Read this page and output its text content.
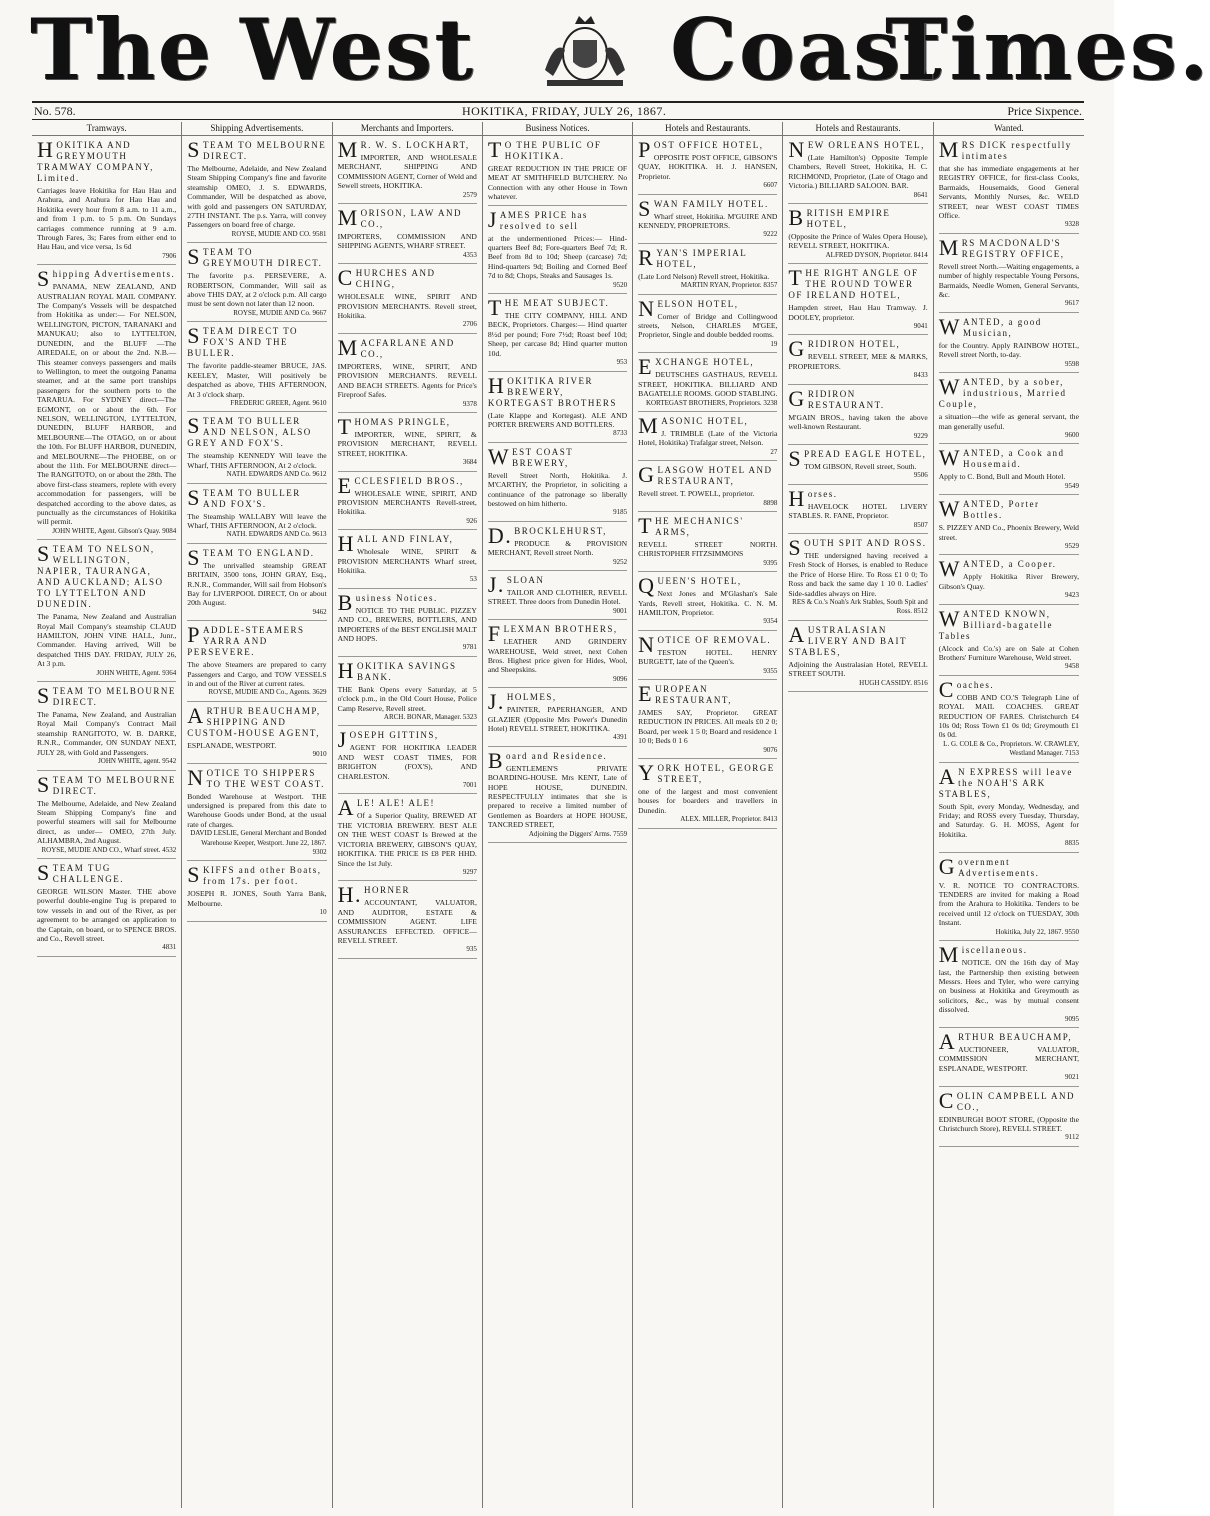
The West Coast
Times.
No. 578.	HOKITIKA, FRIDAY, JULY 26, 1867.	Price Sixpence.
Tramways.
HOKITIKA AND GREYMOUTH TRAMWAY COMPANY, Limited.
Carriages leave Hokitika for Hau Hau and Arahura, and Arahura for Hau Hau and Hokitika every hour from 8 a.m. to 11 a.m., and from 1 p.m. to 5 p.m. On Sundays carriages commence running at 9 a.m. Through Fares, 3s; Fares from either end to Hau Hau, and vice versa, 1s 6d
7906
Shipping Advertisements.
PANAMA, NEW ZEALAND, AND AUSTRALIAN ROYAL MAIL COMPANY. The Company's Vessels will be despatched from Hokitika as under:— For NELSON, WELLINGTON, PICTON, TARANAKI and MANUKAU; also to LYTTELTON, DUNEDIN, and the BLUFF —The AIREDALE, on or about the 2nd. N.B.—This steamer conveys passengers and mails to Wellington, to meet the outgoing Panama steamer, and at the same port tranships passengers for the southern ports to the TARARUA. For SYDNEY direct—The EGMONT, on or about the 6th. For NELSON, WELLINGTON, LYTTELTON, DUNEDIN, BLUFF HARBOR, and MELBOURNE—The OTAGO, on or about the 10th. For BLUFF HARBOR, DUNEDIN, and MELBOURNE—The PHOEBE, on or about the 11th. For MELBOURNE direct—The RANGITOTO, on or about the 28th. The above first-class steamers, replete with every accommodation for passengers, will be despatched according to the above dates, as punctually as the circumstances of Hokitika will permit.
JOHN WHITE, Agent. Gibson's Quay. 9084
STEAM TO NELSON, WELLINGTON, NAPIER, TAURANGA, AND AUCKLAND; ALSO TO LYTTELTON AND DUNEDIN.
The Panama, New Zealand and Australian Royal Mail Company's steamship CLAUD HAMILTON, JOHN VINE HALL, Junr., Commander. Having arrived, Will be despatched THIS DAY. FRIDAY, JULY 26, At 3 p.m.
JOHN WHITE, Agent. 9364
STEAM TO MELBOURNE DIRECT.
The Panama, New Zealand, and Australian Royal Mail Company's Contract Mail steamship RANGITOTO, W. B. DARKE, R.N.R., Commander, ON SUNDAY NEXT, JULY 28, with Gold and Passengers.
JOHN WHITE, agent. 9542
STEAM TO MELBOURNE DIRECT.
The Melbourne, Adelaide, and New Zealand Steam Shipping Company's fine and powerful steamers will sail for Melbourne direct, as under— OMEO, 27th July. ALHAMBRA, 2nd August.
ROYSE, MUDIE AND CO., Wharf street. 4532
STEAM TUG CHALLENGE.
GEORGE WILSON Master. THE above powerful double-engine Tug is prepared to tow vessels in and out of the River, as per agreement to be arranged on application to the Captain, on board, or to SPENCE BROS. and Co., Revell street.
4831
Shipping Advertisements.
STEAM TO MELBOURNE DIRECT.
The Melbourne, Adelaide, and New Zealand Steam Shipping Company's fine and favorite steamship OMEO, J. S. EDWARDS, Commander, Will be despatched as above, with gold and passengers ON SATURDAY, 27TH INSTANT. The p.s. Yarra, will convey Passengers on board free of charge.
ROYSE, MUDIE AND CO. 9581
STEAM TO GREYMOUTH DIRECT.
The favorite p.s. PERSEVERE, A. ROBERTSON, Commander, Will sail as above THIS DAY, at 2 o'clock p.m. All cargo must be sent down not later than 12 noon.
ROYSE, MUDIE AND Co. 9667
STEAM DIRECT TO FOX'S AND THE BULLER.
The favorite paddle-steamer BRUCE, JAS. KEELEY, Master, Will positively be despatched as above, THIS AFTERNOON, At 3 o'clock sharp.
FREDERIC GREER, Agent. 9610
STEAM TO BULLER AND NELSON, ALSO GREY AND FOX'S.
The steamship KENNEDY Will leave the Wharf, THIS AFTERNOON, At 2 o'clock.
NATH. EDWARDS AND Co. 9612
STEAM TO BULLER AND FOX'S.
The Steamship WALLABY Will leave the Wharf, THIS AFTERNOON, At 2 o'clock.
NATH. EDWARDS AND Co. 9613
STEAM TO ENGLAND.
The unrivalled steamship GREAT BRITAIN, 3500 tons, JOHN GRAY, Esq., R.N.R., Commander, Will sail from Hobson's Bay for LIVERPOOL DIRECT, On or about 20th August.
9462
PADDLE-STEAMERS YARRA AND PERSEVERE.
The above Steamers are prepared to carry Passengers and Cargo, and TOW VESSELS in and out of the River at current rates.
ROYSE, MUDIE AND Co., Agents. 3629
ARTHUR BEAUCHAMP, SHIPPING AND CUSTOM-HOUSE AGENT,
ESPLANADE, WESTPORT.
9010
NOTICE TO SHIPPERS TO THE WEST COAST.
Bonded Warehouse at Westport. THE undersigned is prepared from this date to Warehouse Goods under Bond, at the usual rate of charges.
DAVID LESLIE, General Merchant and Bonded Warehouse Keeper, Westport. June 22, 1867. 9302
SKIFFS and other Boats, from 17s. per foot.
JOSEPH R. JONES, South Yarra Bank, Melbourne.
10
Merchants and Importers.
MR. W. S. LOCKHART,
IMPORTER, AND WHOLESALE MERCHANT, SHIPPING AND COMMISSION AGENT, Corner of Weld and Sewell streets, HOKITIKA.
2579
MORISON, LAW AND CO.,
IMPORTERS, COMMISSION AND SHIPPING AGENTS, WHARF STREET.
4353
CHURCHES AND CHING,
WHOLESALE WINE, SPIRIT AND PROVISION MERCHANTS. Revell street, Hokitika.
2706
MACFARLANE AND CO.,
IMPORTERS, WINE, SPIRIT, AND PROVISION MERCHANTS. REVELL AND BEACH STREETS. Agents for Price's Fireproof Safes.
9378
THOMAS PRINGLE,
IMPORTER, WINE, SPIRIT, & PROVISION MERCHANT, REVELL STREET, HOKITIKA.
3684
ECCLESFIELD BROS.,
WHOLESALE WINE, SPIRIT, AND PROVISION MERCHANTS Revell-street, Hokitika.
926
HALL AND FINLAY,
Wholesale WINE, SPIRIT & PROVISION MERCHANTS Wharf street, Hokitika.
53
Business Notices.
NOTICE TO THE PUBLIC. PIZZEY AND CO., BREWERS, BOTTLERS, AND IMPORTERS of the BEST ENGLISH MALT AND HOPS.
9781
HOKITIKA SAVINGS BANK.
THE Bank Opens every Saturday, at 5 o'clock p.m., in the Old Court House, Police Camp Reserve, Revell street.
ARCH. BONAR, Manager. 5323
JOSEPH GITTINS,
AGENT FOR HOKITIKA LEADER AND WEST COAST TIMES, FOR BRIGHTON (FOX'S), AND CHARLESTON.
7001
ALE! ALE! ALE!
Of a Superior Quality, BREWED AT THE VICTORIA BREWERY. BEST ALE ON THE WEST COAST Is Brewed at the VICTORIA BREWERY, GIBSON'S QUAY, HOKITIKA. THE PRICE IS £8 PER HHD. Since the 1st July.
9297
H.HORNER
ACCOUNTANT, VALUATOR, AND AUDITOR, ESTATE & COMMISSION AGENT. LIFE ASSURANCES EFFECTED. OFFICE—REVELL STREET.
935
Business Notices.
TO THE PUBLIC OF HOKITIKA.
GREAT REDUCTION IN THE PRICE OF MEAT AT SMITHFIELD BUTCHERY. No Connection with any other House in Town whatever.
JAMES PRICE has resolved to sell
at the undermentioned Prices:— Hind-quarters Beef 8d; Fore-quarters Beef 7d; R. Beef from 8d to 10d; Sheep (carcase) 7d; Hind-quarters 9d; Boiling and Corned Beef 7d to 8d; Chops, Steaks and Sausages 1s.
9520
THE MEAT SUBJECT.
THE CITY COMPANY, HILL AND BECK, Proprietors. Charges:— Hind quarter 8½d per pound; Fore 7½d; Roast beef 10d; Sheep, per carcase 8d; Hind quarter mutton 10d.
953
HOKITIKA RIVER BREWERY, KORTEGAST BROTHERS
(Late Klappe and Kortegast). ALE AND PORTER BREWERS AND BOTTLERS.
8733
WEST COAST BREWERY,
Revell Street North, Hokitika. J. M'CARTHY, the Proprietor, in soliciting a continuance of the patronage so liberally bestowed on him hitherto.
9185
D.BROCKLEHURST,
PRODUCE & PROVISION MERCHANT, Revell street North.
9252
J.SLOAN
TAILOR AND CLOTHIER, REVELL STREET. Three doors from Dunedin Hotel.
9001
FLEXMAN BROTHERS,
LEATHER AND GRINDERY WAREHOUSE, Weld street, next Cohen Bros. Highest price given for Hides, Wool, and Sheepskins.
9096
J.HOLMES,
PAINTER, PAPERHANGER, AND GLAZIER (Opposite Mrs Power's Dunedin Hotel) REVELL STREET, HOKITIKA.
4391
Board and Residence.
GENTLEMEN'S PRIVATE BOARDING-HOUSE. Mrs KENT, Late of HOPE HOUSE, DUNEDIN. RESPECTFULLY intimates that she is prepared to receive a limited number of Gentlemen as Boarders at HOPE HOUSE, TANCRED STREET,
Adjoining the Diggers' Arms. 7559
Hotels and Restaurants.
POST OFFICE HOTEL,
OPPOSITE POST OFFICE, GIBSON'S QUAY, HOKITIKA. H. J. HANSEN, Proprietor.
6607
SWAN FAMILY HOTEL.
Wharf street, Hokitika. M'GUIRE AND KENNEDY, PROPRIETORS.
9222
RYAN'S IMPERIAL HOTEL,
(Late Lord Nelson) Revell street, Hokitika.
MARTIN RYAN, Proprietor. 8357
NELSON HOTEL,
Corner of Bridge and Collingwood streets, Nelson, CHARLES M'GEE, Proprietor, Single and double bedded rooms.
19
EXCHANGE HOTEL,
DEUTSCHES GASTHAUS, REVELL STREET, HOKITIKA. BILLIARD AND BAGATELLE ROOMS. GOOD STABLING.
KORTEGAST BROTHERS, Proprietors. 3238
MASONIC HOTEL,
J. TRIMBLE (Late of the Victoria Hotel, Hokitika) Trafalgar street, Nelson.
27
GLASGOW HOTEL AND RESTAURANT,
Revell street. T. POWELL, proprietor.
8898
THE MECHANICS' ARMS,
REVELL STREET NORTH. CHRISTOPHER FITZSIMMONS
9395
QUEEN'S HOTEL,
Next Jones and M'Glashan's Sale Yards, Revell street, Hokitika. C. N. M. HAMILTON, Proprietor.
9354
NOTICE OF REMOVAL.
TESTON HOTEL. HENRY BURGETT, late of the Queen's.
9355
EUROPEAN RESTAURANT,
JAMES SAY, Proprietor. GREAT REDUCTION IN PRICES. All meals £0 2 0; Board, per week 1 5 0; Board and residence 1 10 0; Beds 0 1 6
9076
YORK HOTEL, GEORGE STREET,
one of the largest and most convenient houses for boarders and travellers in Dunedin.
ALEX. MILLER, Proprietor. 8413
Hotels and Restaurants.
NEW ORLEANS HOTEL,
(Late Hamilton's) Opposite Temple Chambers, Revell Street, Hokitika, H. C. RICHMOND, Proprietor, (Late of Otago and Victoria.) BILLIARD SALOON. BAR.
8641
BRITISH EMPIRE HOTEL,
(Opposite the Prince of Wales Opera House), REVELL STREET, HOKITIKA.
ALFRED DYSON, Proprietor. 8414
THE RIGHT ANGLE OF THE ROUND TOWER OF IRELAND HOTEL,
Hampden street, Hau Hau Tramway. J. DOOLEY, proprietor.
9041
GRIDIRON HOTEL,
REVELL STREET, MEE & MARKS, PROPRIETORS.
8433
GRIDIRON RESTAURANT.
M'GAIN BROS., having taken the above well-known Restaurant.
9229
SPREAD EAGLE HOTEL,
TOM GIBSON, Revell street, South.
9506
Horses.
HAVELOCK HOTEL LIVERY STABLES. R. FANE, Proprietor.
8507
SOUTH SPIT AND ROSS.
THE undersigned having received a Fresh Stock of Horses, is enabled to Reduce the Price of Horse Hire. To Ross £1 0 0; To Ross and back the same day 1 10 0. Ladies' Side-saddles always on Hire.
RES & Co.'s Noah's Ark Stables, South Spit and Ross. 8512
AUSTRALASIAN LIVERY AND BAIT STABLES,
Adjoining the Australasian Hotel, REVELL STREET SOUTH.
HUGH CASSIDY. 8516
Wanted.
MRS DICK respectfully intimates
that she has immediate engagements at her REGISTRY OFFICE, for first-class Cooks, Barmaids, Housemaids, Good General Servants, Monthly Nurses, &c. WELD STREET, near WEST COAST TIMES Office.
9328
MRS MACDONALD'S REGISTRY OFFICE,
Revell street North.—Waiting engagements, a number of highly respectable Young Persons, Barmaids, Needle Women, General Servants, &c.
9617
WANTED, a good Musician,
for the Country. Apply RAINBOW HOTEL, Revell street North, to-day.
9598
WANTED, by a sober, industrious, Married Couple,
a situation—the wife as general servant, the man generally useful.
9600
WANTED, a Cook and Housemaid.
Apply to C. Bond, Bull and Mouth Hotel.
9549
WANTED, Porter Bottles.
S. PIZZEY AND Co., Phoenix Brewery, Weld street.
9529
WANTED, a Cooper.
Apply Hokitika River Brewery, Gibson's Quay.
9423
WANTED KNOWN, Billiard-bagatelle Tables
(Alcock and Co.'s) are on Sale at Cohen Brothers' Furniture Warehouse, Weld street.
9458
Coaches.
COBB AND CO.'S Telegraph Line of ROYAL MAIL COACHES. GREAT REDUCTION OF FARES. Christchurch £4 10s 0d; Ross Town £1 0s 0d; Greymouth £1 0s 0d.
L. G. COLE & Co., Proprietors. W. CRAWLEY, Westland Manager. 7153
AN EXPRESS will leave the NOAH'S ARK STABLES,
South Spit, every Monday, Wednesday, and Friday; and ROSS every Tuesday, Thursday, and Saturday. G. H. MOSS, Agent for Hokitika.
8835
Government Advertisements.
V. R. NOTICE TO CONTRACTORS. TENDERS are invited for making a Road from the Arahura to Hokitika. Tenders to be received until 12 o'clock on TUESDAY, 30th Instant.
Hokitika, July 22, 1867. 9550
Miscellaneous.
NOTICE. ON the 16th day of May last, the Partnership then existing between Messrs. Hees and Tyler, who were carrying on business at Hokitika and Greymouth as solicitors, &c., was by mutual consent dissolved.
9095
ARTHUR BEAUCHAMP,
AUCTIONEER, VALUATOR, COMMISSION MERCHANT, ESPLANADE, WESTPORT.
9021
COLIN CAMPBELL AND CO.,
EDINBURGH BOOT STORE, (Opposite the Christchurch Store), REVELL STREET.
9112
